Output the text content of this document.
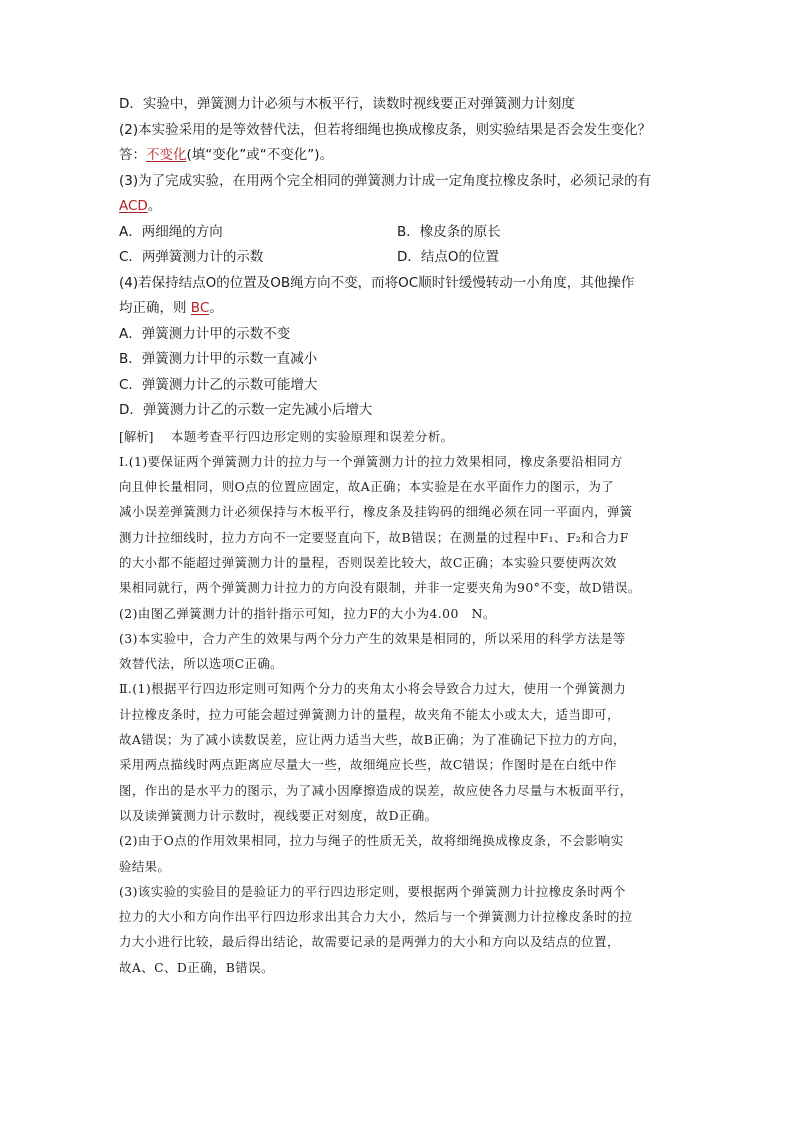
D．实验中，弹簧测力计必须与木板平行，读数时视线要正对弹簧测力计刻度

(2)本实验采用的是等效替代法，但若将细绳也换成橡皮条，则实验结果是否会发生变化？

答：不变化(填“变化”或“不变化”)。

(3)为了完成实验，在用两个完全相同的弹簧测力计成一定角度拉橡皮条时，必须记录的有

ACD。

A．两细绳的方向	B．橡皮条的原长
C．两弹簧测力计的示数	D．结点O的位置

(4)若保持结点O的位置及OB绳方向不变，而将OC顺时针缓慢转动一小角度，其他操作

均正确，则 BC。

A．弹簧测力计甲的示数不变

B．弹簧测力计甲的示数一直减小

C．弹簧测力计乙的示数可能增大

D．弹簧测力计乙的示数一定先减小后增大

[解析] 本题考查平行四边形定则的实验原理和误差分析。

Ⅰ.(1)要保证两个弹簧测力计的拉力与一个弹簧测力计的拉力效果相同，橡皮条要沿相同方

向且伸长量相同，则O点的位置应固定，故A正确；本实验是在水平面作力的图示，为了

减小误差弹簧测力计必须保持与木板平行，橡皮条及挂钩码的细绳必须在同一平面内，弹簧

测力计拉细线时，拉力方向不一定要竖直向下，故B错误；在测量的过程中F₁、F₂和合力F

的大小都不能超过弹簧测力计的量程，否则误差比较大，故C正确；本实验只要使两次效

果相同就行，两个弹簧测力计拉力的方向没有限制，并非一定要夹角为90°不变，故D错误。

(2)由图乙弹簧测力计的指针指示可知，拉力F的大小为4.00　N。

(3)本实验中，合力产生的效果与两个分力产生的效果是相同的，所以采用的科学方法是等

效替代法，所以选项C正确。

Ⅱ.(1)根据平行四边形定则可知两个分力的夹角太小将会导致合力过大，使用一个弹簧测力

计拉橡皮条时，拉力可能会超过弹簧测力计的量程，故夹角不能太小或太大，适当即可，

故A错误；为了减小读数误差，应让两力适当大些，故B正确；为了准确记下拉力的方向，

采用两点描线时两点距离应尽量大一些，故细绳应长些，故C错误；作图时是在白纸中作

图，作出的是水平力的图示，为了减小因摩擦造成的误差，故应使各力尽量与木板面平行，

以及读弹簧测力计示数时，视线要正对刻度，故D正确。

(2)由于O点的作用效果相同，拉力与绳子的性质无关，故将细绳换成橡皮条，不会影响实

验结果。

(3)该实验的实验目的是验证力的平行四边形定则，要根据两个弹簧测力计拉橡皮条时两个

拉力的大小和方向作出平行四边形求出其合力大小，然后与一个弹簧测力计拉橡皮条时的拉

力大小进行比较，最后得出结论，故需要记录的是两弹力的大小和方向以及结点的位置，

故A、C、D正确，B错误。
